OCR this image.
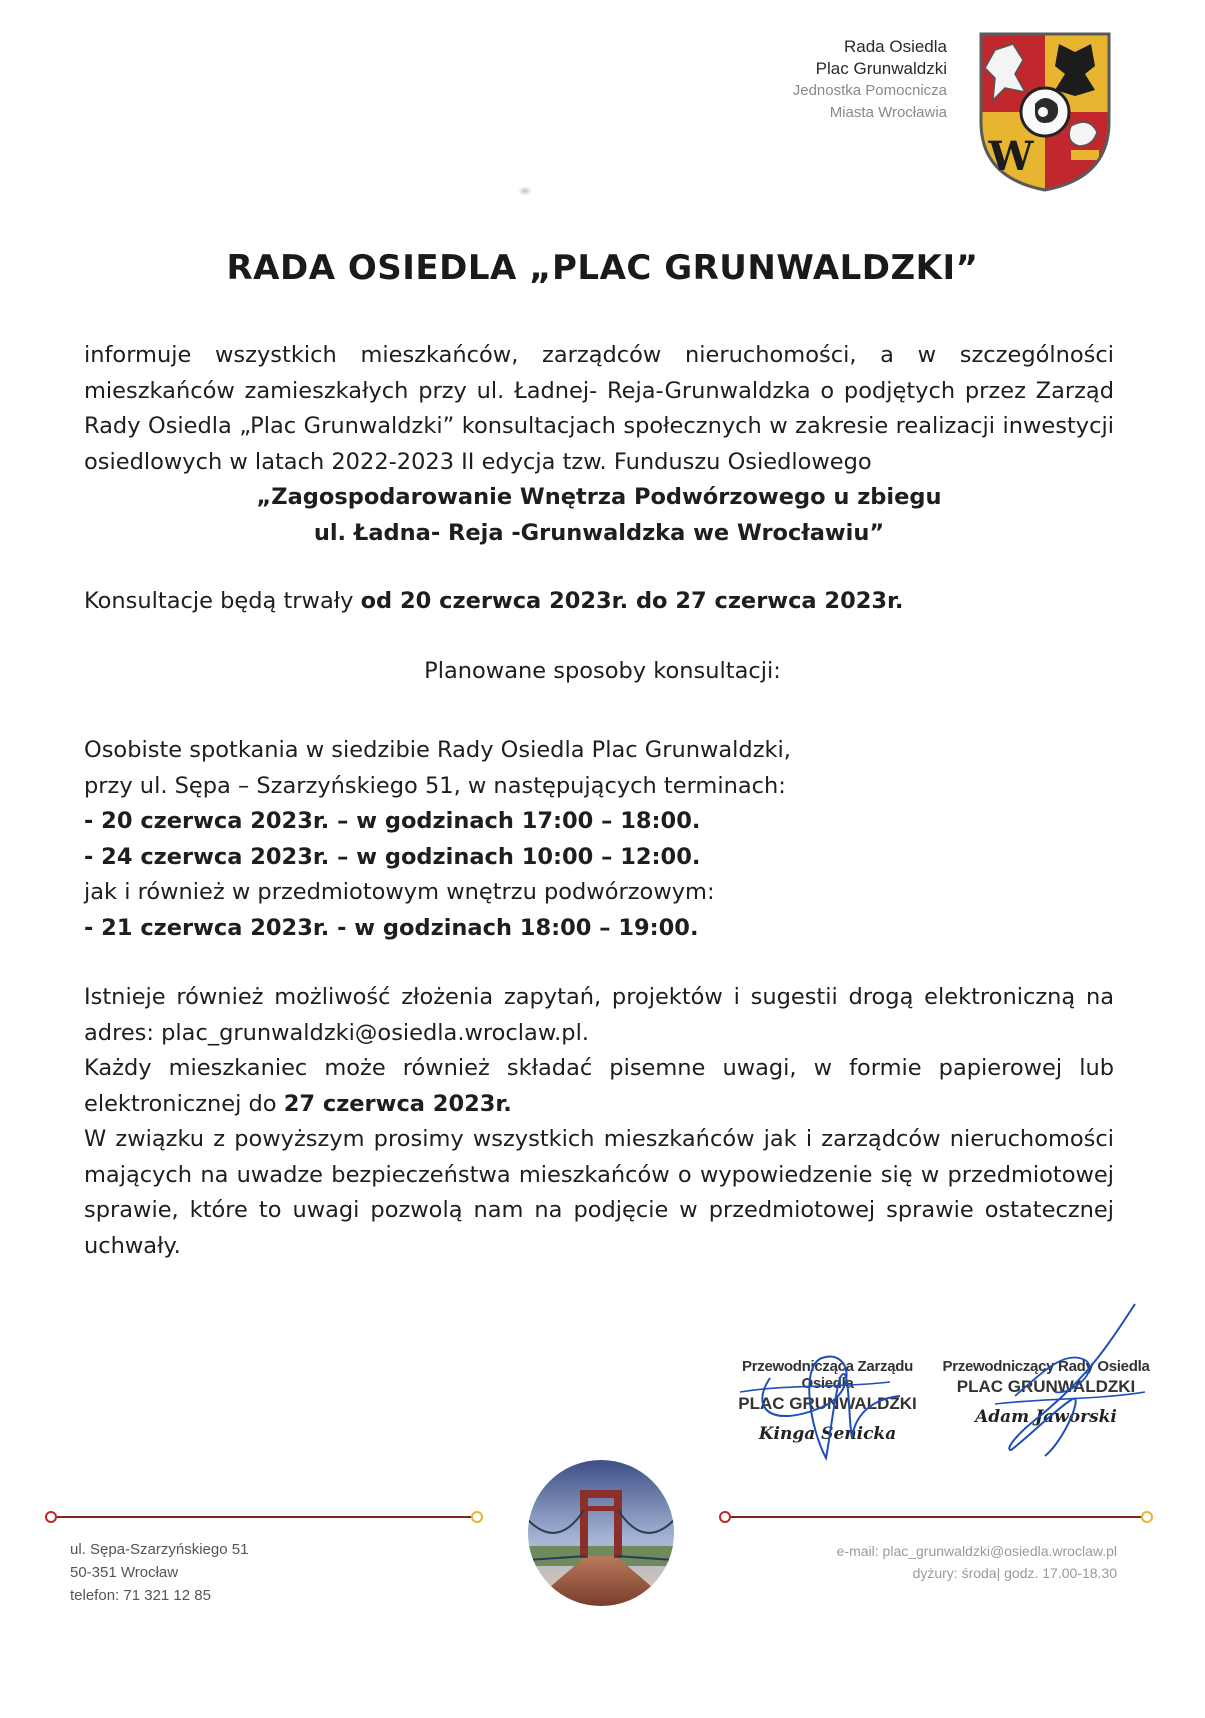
Rada Osiedla
Plac Grunwaldzki
Jednostka Pomocnicza
Miasta Wrocławia
W
RADA OSIEDLA „PLAC GRUNWALDZKI”
informuje wszystkich mieszkańców, zarządców nieruchomości, a w szczególności mieszkańców zamieszkałych przy ul. Ładnej- Reja-Grunwaldzka o podjętych przez Zarząd Rady Osiedla „Plac Grunwaldzki” konsultacjach społecznych w zakresie realizacji inwestycji osiedlowych w latach 2022-2023 II edycja tzw. Funduszu Osiedlowego
„Zagospodarowanie Wnętrza Podwórzowego u zbiegu
ul. Ładna- Reja -Grunwaldzka we Wrocławiu”
Konsultacje będą trwały od 20 czerwca 2023r. do 27 czerwca 2023r.
Planowane sposoby konsultacji:
Osobiste spotkania w siedzibie Rady Osiedla Plac Grunwaldzki,
przy ul. Sępa – Szarzyńskiego 51, w następujących terminach:
- 20 czerwca 2023r. – w godzinach 17:00 – 18:00.
- 24 czerwca 2023r. – w godzinach 10:00 – 12:00.
jak i również w przedmiotowym wnętrzu podwórzowym:
- 21 czerwca 2023r. - w godzinach 18:00 – 19:00.
Istnieje również możliwość złożenia zapytań, projektów i sugestii drogą elektroniczną na adres: plac_grunwaldzki@osiedla.wroclaw.pl.
Każdy mieszkaniec może również składać pisemne uwagi, w formie papierowej lub elektronicznej do 27 czerwca 2023r.
W związku z powyższym prosimy wszystkich mieszkańców jak i zarządców nieruchomości mających na uwadze bezpieczeństwa mieszkańców o wypowiedzenie się w przedmiotowej sprawie, które to uwagi pozwolą nam na podjęcie w przedmiotowej sprawie ostatecznej uchwały.
Przewodnicząca Zarządu Osiedla
PLAC GRUNWALDZKI
Kinga Senicka
Przewodniczący Rady Osiedla
PLAC GRUNWALDZKI
Adam Jaworski
ul. Sępa-Szarzyńskiego 51
50-351 Wrocław
telefon: 71 321 12 85
e-mail: plac_grunwaldzki@osiedla.wroclaw.pl
dyżury: środa| godz. 17.00-18.30
